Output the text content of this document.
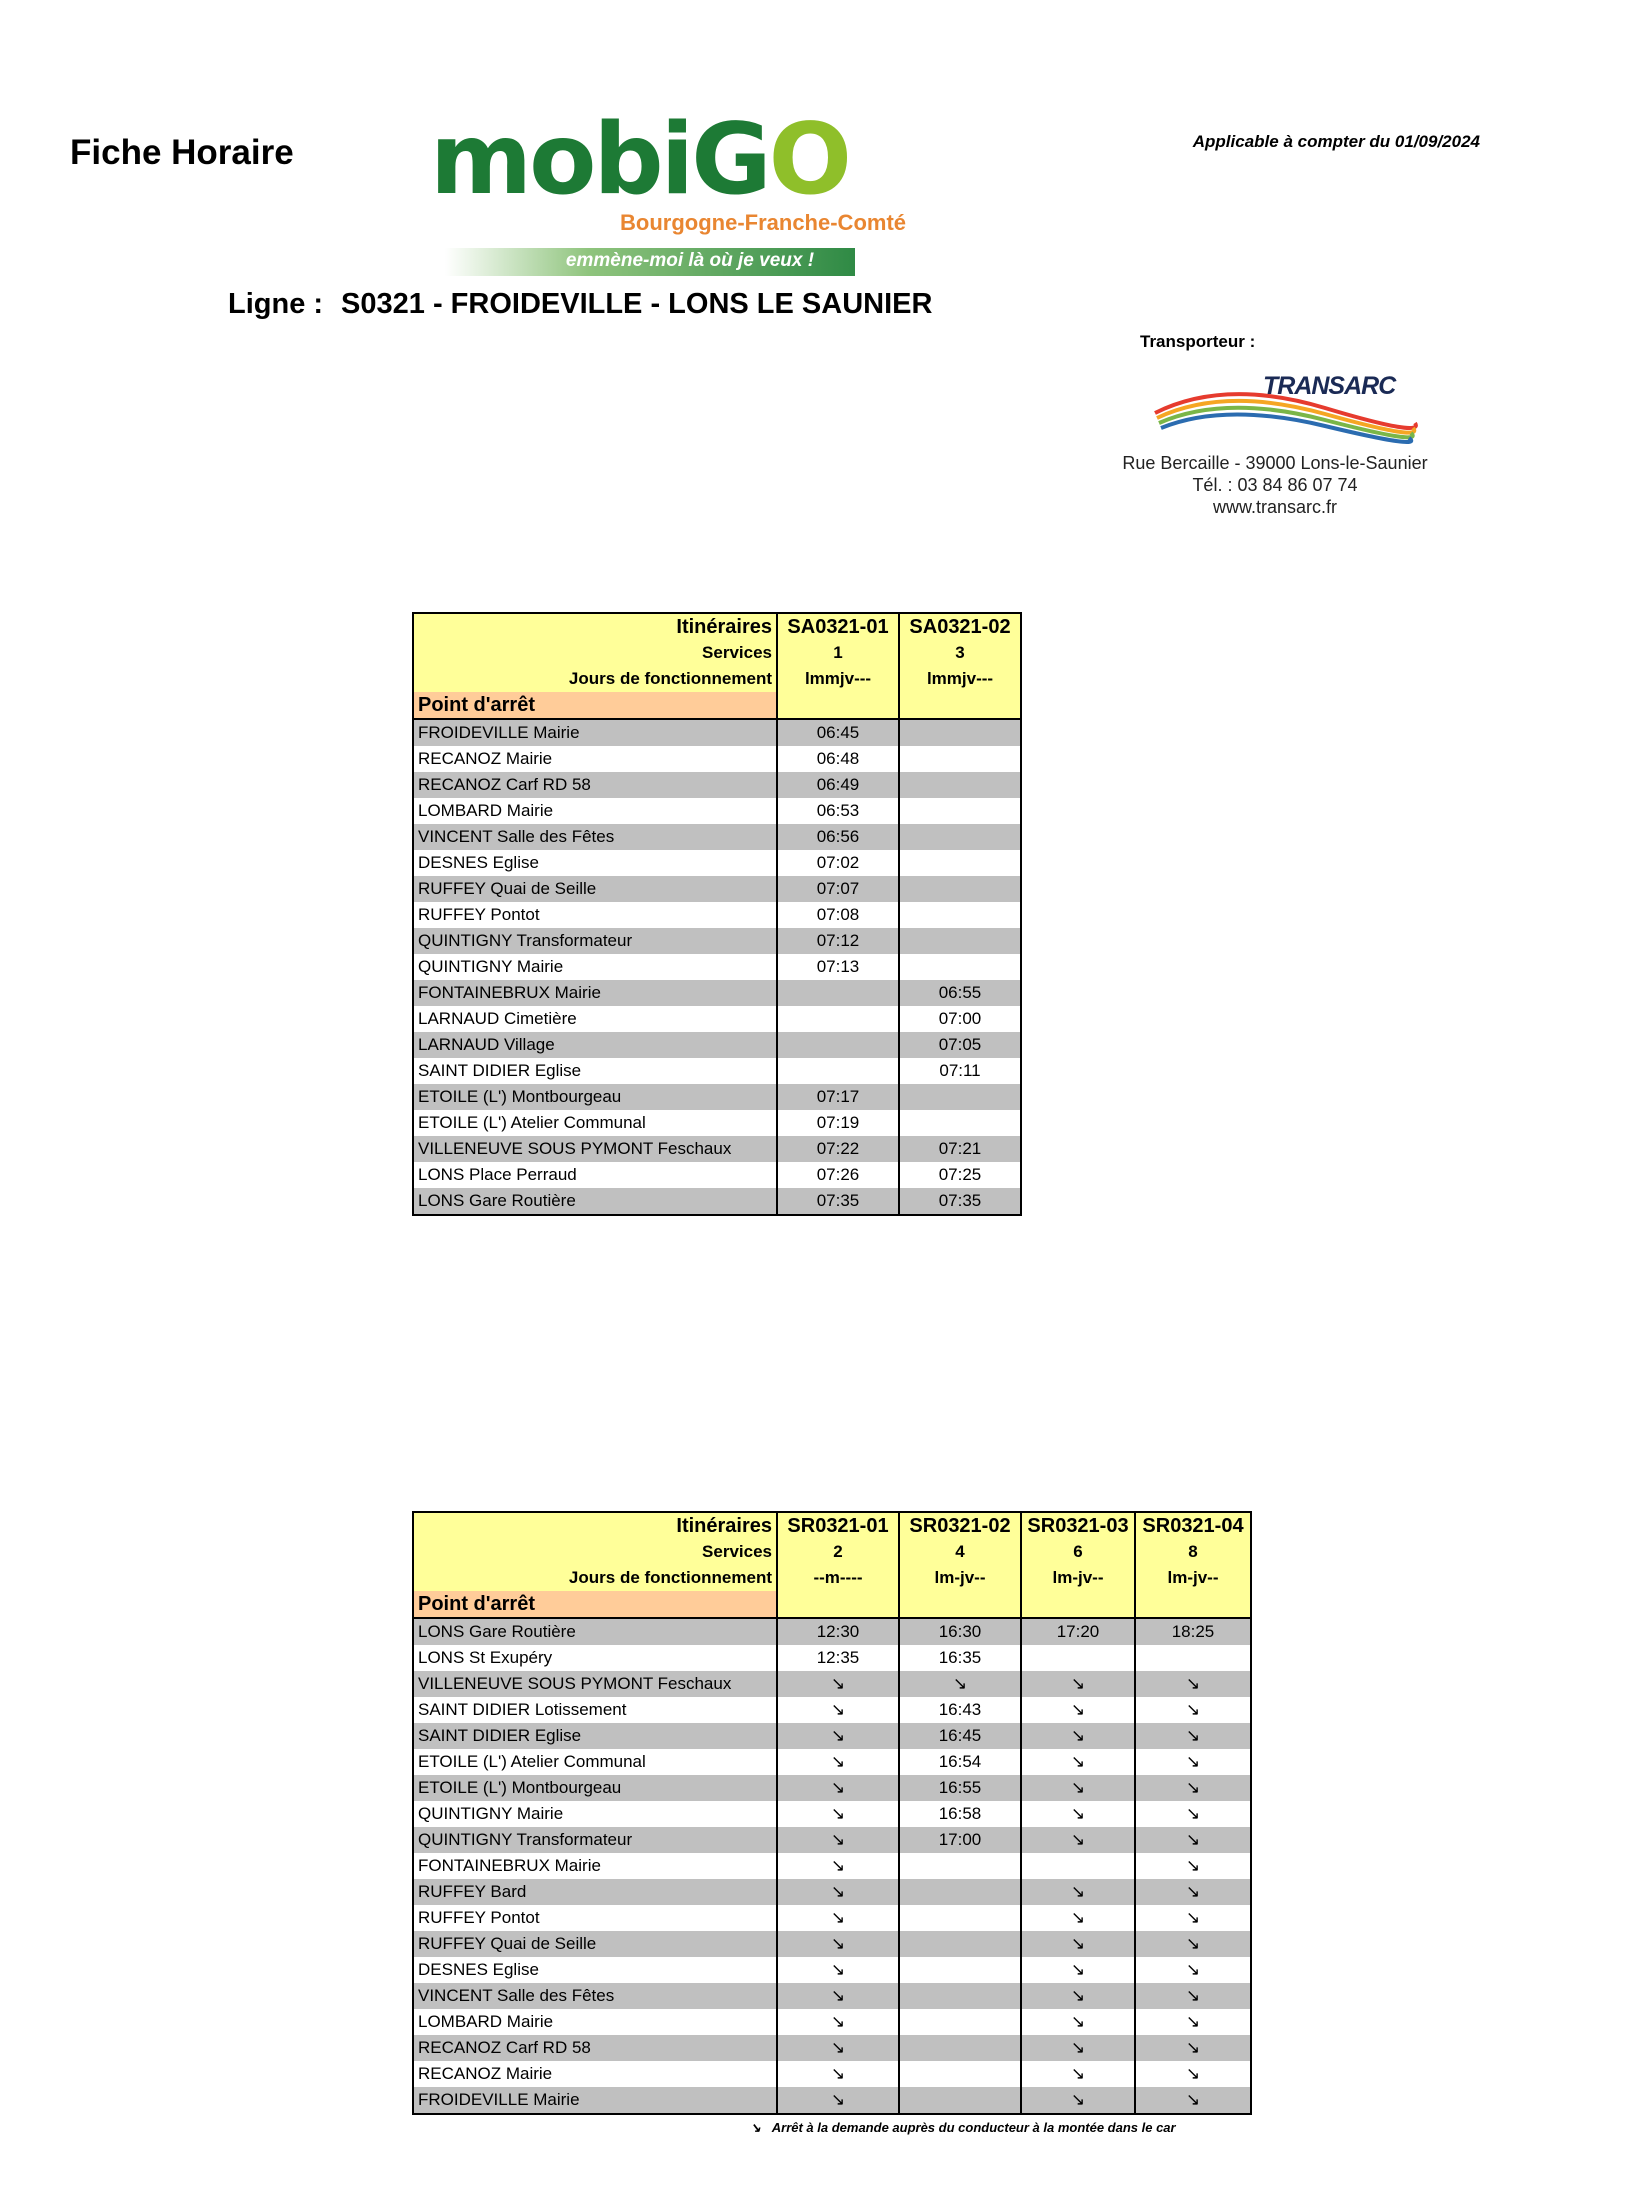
Fiche Horaire mobiGO
Bourgogne-Franche-Comté
emmène-moi là où je veux !
Applicable à compter du 01/09/2024
Ligne : S0321 - FROIDEVILLE - LONS LE SAUNIER
Transporteur :
TRANSARC
Rue Bercaille - 39000 Lons-le-Saunier
Tél. : 03 84 86 07 74
www.transarc.fr
Itinéraires	SA0321-01	SA0321-02
Services	1	3
Jours de fonctionnement	lmmjv---	lmmjv---
Point d'arrêt		
FROIDEVILLE Mairie	06:45	
RECANOZ Mairie	06:48	
RECANOZ Carf RD 58	06:49	
LOMBARD Mairie	06:53	
VINCENT Salle des Fêtes	06:56	
DESNES Eglise	07:02	
RUFFEY Quai de Seille	07:07	
RUFFEY Pontot	07:08	
QUINTIGNY Transformateur	07:12	
QUINTIGNY Mairie	07:13	
FONTAINEBRUX Mairie		06:55
LARNAUD Cimetière		07:00
LARNAUD Village		07:05
SAINT DIDIER Eglise		07:11
ETOILE (L') Montbourgeau	07:17	
ETOILE (L') Atelier Communal	07:19	
VILLENEUVE SOUS PYMONT Feschaux	07:22	07:21
LONS Place Perraud	07:26	07:25
LONS Gare Routière	07:35	07:35
Itinéraires	SR0321-01	SR0321-02	SR0321-03	SR0321-04
Services	2	4	6	8
Jours de fonctionnement	--m----	lm-jv--	lm-jv--	lm-jv--
Point d'arrêt				
LONS Gare Routière	12:30	16:30	17:20	18:25
LONS St Exupéry	12:35	16:35		
VILLENEUVE SOUS PYMONT Feschaux	↘	↘	↘	↘
SAINT DIDIER Lotissement	↘	16:43	↘	↘
SAINT DIDIER Eglise	↘	16:45	↘	↘
ETOILE (L') Atelier Communal	↘	16:54	↘	↘
ETOILE (L') Montbourgeau	↘	16:55	↘	↘
QUINTIGNY Mairie	↘	16:58	↘	↘
QUINTIGNY Transformateur	↘	17:00	↘	↘
FONTAINEBRUX Mairie	↘			↘
RUFFEY Bard	↘		↘	↘
RUFFEY Pontot	↘		↘	↘
RUFFEY Quai de Seille	↘		↘	↘
DESNES Eglise	↘		↘	↘
VINCENT Salle des Fêtes	↘		↘	↘
LOMBARD Mairie	↘		↘	↘
RECANOZ Carf RD 58	↘		↘	↘
RECANOZ Mairie	↘		↘	↘
FROIDEVILLE Mairie	↘		↘	↘
↘ Arrêt à la demande auprès du conducteur à la montée dans le car
